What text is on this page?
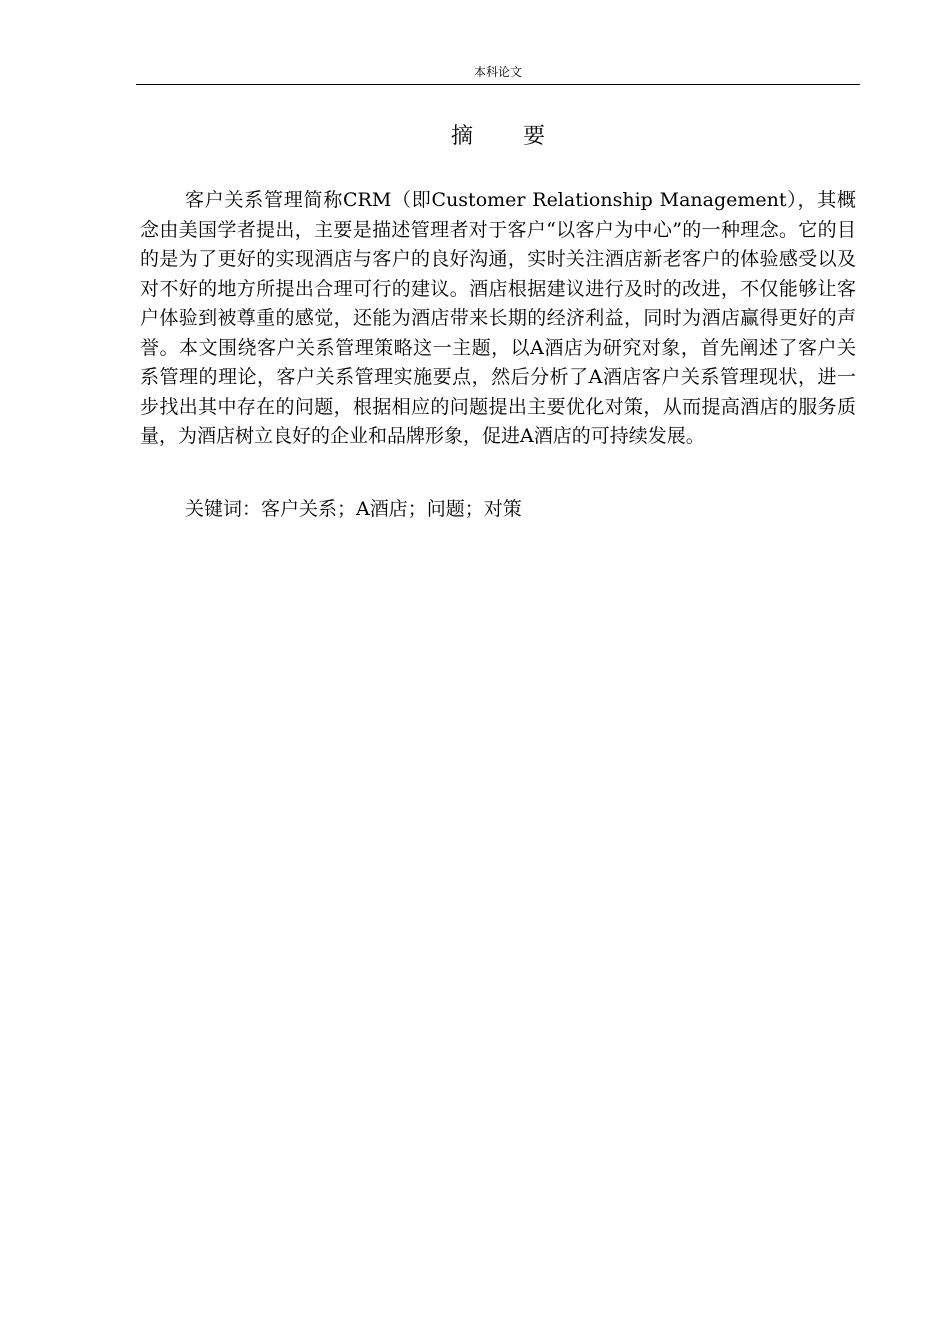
本科论文
摘要

客户关系管理简称CRM（即Customer Relationship Management），其概念由美国学者提出，主要是描述管理者对于客户“以客户为中心”的一种理念。它的目的是为了更好的实现酒店与客户的良好沟通，实时关注酒店新老客户的体验感受以及对不好的地方所提出合理可行的建议。酒店根据建议进行及时的改进，不仅能够让客户体验到被尊重的感觉，还能为酒店带来长期的经济利益，同时为酒店赢得更好的声誉。本文围绕客户关系管理策略这一主题，以A酒店为研究对象，首先阐述了客户关系管理的理论，客户关系管理实施要点，然后分析了A酒店客户关系管理现状，进一步找出其中存在的问题，根据相应的问题提出主要优化对策，从而提高酒店的服务质量，为酒店树立良好的企业和品牌形象，促进A酒店的可持续发展。

关键词：客户关系；A酒店；问题；对策
